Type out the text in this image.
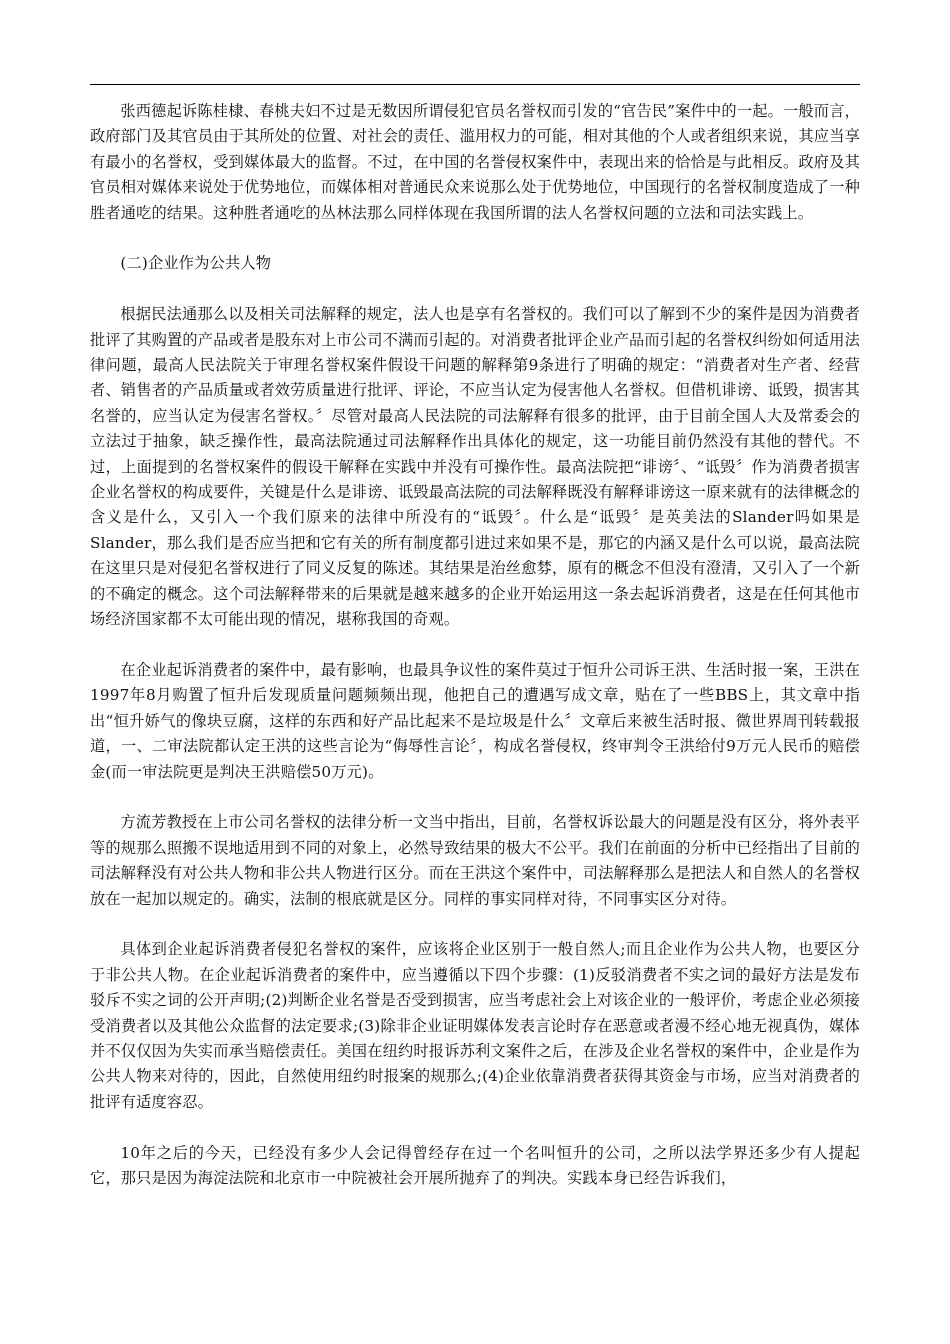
张西德起诉陈桂棣、春桃夫妇不过是无数因所谓侵犯官员名誉权而引发的“官告民”案件中的一起。一般而言，政府部门及其官员由于其所处的位置、对社会的责任、滥用权力的可能，相对其他的个人或者组织来说，其应当享有最小的名誉权，受到媒体最大的监督。不过，在中国的名誉侵权案件中，表现出来的恰恰是与此相反。政府及其官员相对媒体来说处于优势地位，而媒体相对普通民众来说那么处于优势地位，中国现行的名誉权制度造成了一种胜者通吃的结果。这种胜者通吃的丛林法那么同样体现在我国所谓的法人名誉权问题的立法和司法实践上。

(二)企业作为公共人物

根据民法通那么以及相关司法解释的规定，法人也是享有名誉权的。我们可以了解到不少的案件是因为消费者批评了其购置的产品或者是股东对上市公司不满而引起的。对消费者批评企业产品而引起的名誉权纠纷如何适用法律问题，最高人民法院关于审理名誉权案件假设干问题的解释第9条进行了明确的规定：“消费者对生产者、经营者、销售者的产品质量或者效劳质量进行批评、评论，不应当认定为侵害他人名誉权。但借机诽谤、诋毁，损害其名誉的，应当认定为侵害名誉权。〞尽管对最高人民法院的司法解释有很多的批评，由于目前全国人大及常委会的立法过于抽象，缺乏操作性，最高法院通过司法解释作出具体化的规定，这一功能目前仍然没有其他的替代。不过，上面提到的名誉权案件的假设干解释在实践中并没有可操作性。最高法院把“诽谤〞、“诋毁〞作为消费者损害企业名誉权的构成要件，关键是什么是诽谤、诋毁最高法院的司法解释既没有解释诽谤这一原来就有的法律概念的含义是什么，又引入一个我们原来的法律中所没有的“诋毁〞。什么是“诋毁〞是英美法的Slander吗如果是Slander，那么我们是否应当把和它有关的所有制度都引进过来如果不是，那它的内涵又是什么可以说，最高法院在这里只是对侵犯名誉权进行了同义反复的陈述。其结果是治丝愈棼，原有的概念不但没有澄清，又引入了一个新的不确定的概念。这个司法解释带来的后果就是越来越多的企业开始运用这一条去起诉消费者，这是在任何其他市场经济国家都不太可能出现的情况，堪称我国的奇观。

在企业起诉消费者的案件中，最有影响，也最具争议性的案件莫过于恒升公司诉王洪、生活时报一案，王洪在1997年8月购置了恒升后发现质量问题频频出现，他把自己的遭遇写成文章，贴在了一些BBS上，其文章中指出“恒升娇气的像块豆腐，这样的东西和好产品比起来不是垃圾是什么〞文章后来被生活时报、微世界周刊转载报道，一、二审法院都认定王洪的这些言论为“侮辱性言论〞，构成名誉侵权，终审判令王洪给付9万元人民币的赔偿金(而一审法院更是判决王洪赔偿50万元)。

方流芳教授在上市公司名誉权的法律分析一文当中指出，目前，名誉权诉讼最大的问题是没有区分，将外表平等的规那么照搬不误地适用到不同的对象上，必然导致结果的极大不公平。我们在前面的分析中已经指出了目前的司法解释没有对公共人物和非公共人物进行区分。而在王洪这个案件中，司法解释那么是把法人和自然人的名誉权放在一起加以规定的。确实，法制的根底就是区分。同样的事实同样对待，不同事实区分对待。

具体到企业起诉消费者侵犯名誉权的案件，应该将企业区别于一般自然人;而且企业作为公共人物，也要区分于非公共人物。在企业起诉消费者的案件中，应当遵循以下四个步骤：(1)反驳消费者不实之词的最好方法是发布驳斥不实之词的公开声明;(2)判断企业名誉是否受到损害，应当考虑社会上对该企业的一般评价，考虑企业必须接受消费者以及其他公众监督的法定要求;(3)除非企业证明媒体发表言论时存在恶意或者漫不经心地无视真伪，媒体并不仅仅因为失实而承当赔偿责任。美国在纽约时报诉苏利文案件之后，在涉及企业名誉权的案件中，企业是作为公共人物来对待的，因此，自然使用纽约时报案的规那么;(4)企业依靠消费者获得其资金与市场，应当对消费者的批评有适度容忍。

10年之后的今天，已经没有多少人会记得曾经存在过一个名叫恒升的公司，之所以法学界还多少有人提起它，那只是因为海淀法院和北京市一中院被社会开展所抛弃了的判决。实践本身已经告诉我们，
